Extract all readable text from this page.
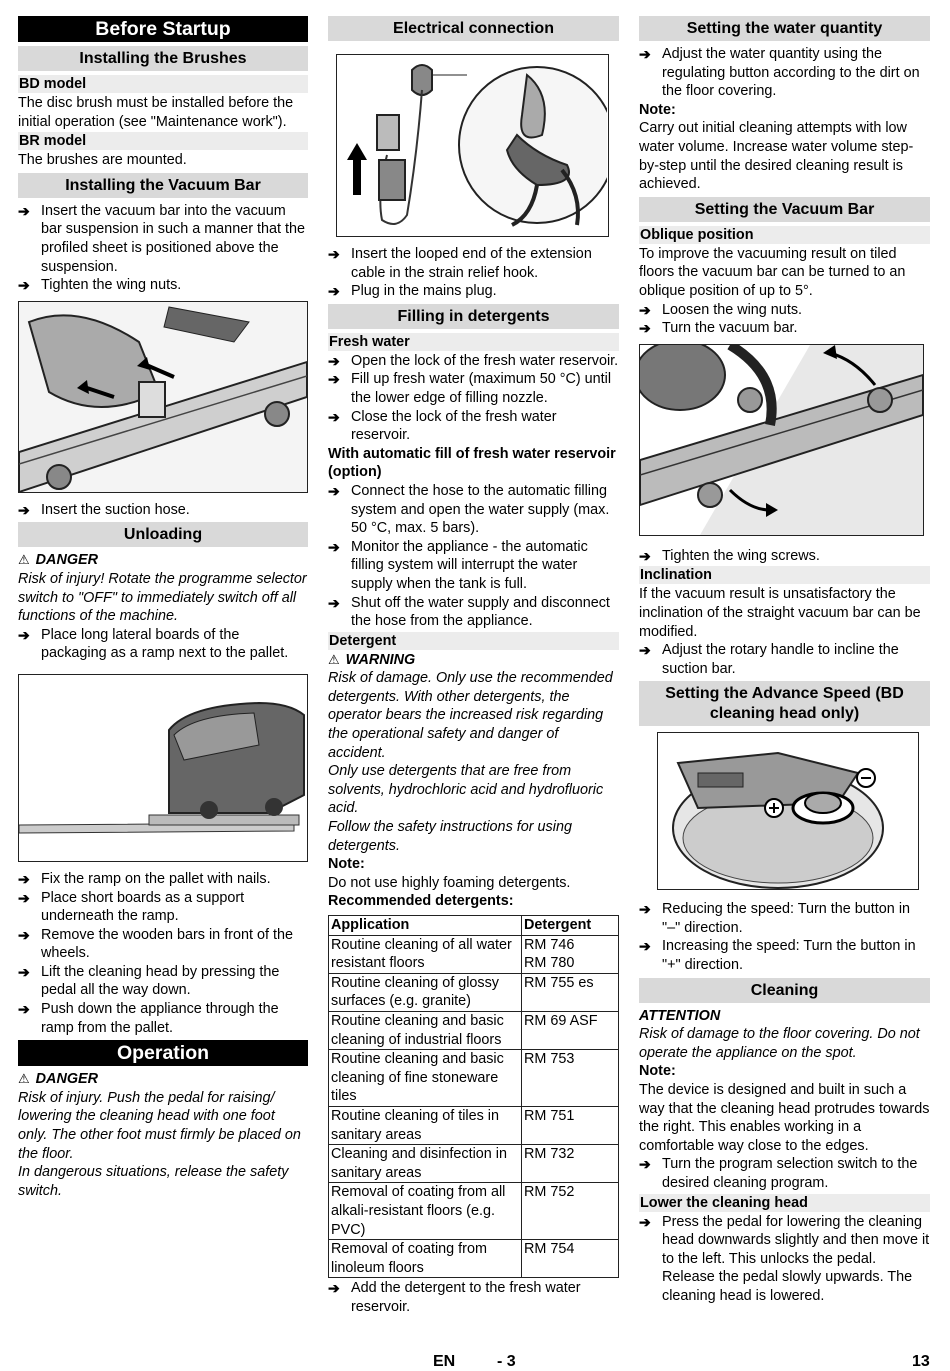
Before Startup
Installing the Brushes
BD model
The disc brush must be installed before the initial operation (see "Maintenance work").
BR model
The brushes are mounted.
Installing the Vacuum Bar
➔ Insert the vacuum bar into the vacuum bar suspension in such a manner that the profiled sheet is positioned above the suspension.
➔ Tighten the wing nuts.
➔ Insert the suction hose.
Unloading
⚠ DANGER
Risk of injury! Rotate the programme selector switch to "OFF" to immediately switch off all functions of the machine.
➔ Place long lateral boards of the packaging as a ramp next to the pallet.
➔ Fix the ramp on the pallet with nails.
➔ Place short boards as a support underneath the ramp.
➔ Remove the wooden bars in front of the wheels.
➔ Lift the cleaning head by pressing the pedal all the way down.
➔ Push down the appliance through the ramp from the pallet.
Operation
⚠ DANGER
Risk of injury. Push the pedal for raising/ lowering the cleaning head with one foot only. The other foot must firmly be placed on the floor.
In dangerous situations, release the safety switch.
Electrical connection
➔ Insert the looped end of the extension cable in the strain relief hook.
➔ Plug in the mains plug.
Filling in detergents
Fresh water
➔ Open the lock of the fresh water reservoir.
➔ Fill up fresh water (maximum 50 °C) until the lower edge of filling nozzle.
➔ Close the lock of the fresh water reservoir.
With automatic fill of fresh water reservoir (option)
➔ Connect the hose to the automatic filling system and open the water supply (max. 50 °C, max. 5 bars).
➔ Monitor the appliance - the automatic filling system will interrupt the water supply when the tank is full.
➔ Shut off the water supply and disconnect the hose from the appliance.
Detergent
⚠ WARNING
Risk of damage. Only use the recommended detergents. With other detergents, the operator bears the increased risk regarding the operational safety and danger of accident.
Only use detergents that are free from solvents, hydrochloric acid and hydrofluoric acid.
Follow the safety instructions for using detergents.
Note:
Do not use highly foaming detergents.
Recommended detergents:
Application	Detergent
Routine cleaning of all water resistant floors	RM 746
RM 780
Routine cleaning of glossy surfaces (e.g. granite)	RM 755 es
Routine cleaning and basic cleaning of industrial floors	RM 69 ASF
Routine cleaning and basic cleaning of fine stoneware tiles	RM 753
Routine cleaning of tiles in sanitary areas	RM 751
Cleaning and disinfection in sanitary areas	RM 732
Removal of coating from all alkali-resistant floors (e.g. PVC)	RM 752
Removal of coating from linoleum floors	RM 754
➔ Add the detergent to the fresh water reservoir.
Setting the water quantity
➔ Adjust the water quantity using the regulating button according to the dirt on the floor covering.
Note:
Carry out initial cleaning attempts with low water volume. Increase water volume step-by-step until the desired cleaning result is achieved.
Setting the Vacuum Bar
Oblique position
To improve the vacuuming result on tiled floors the vacuum bar can be turned to an oblique position of up to 5°.
➔ Loosen the wing nuts.
➔ Turn the vacuum bar.
➔ Tighten the wing screws.
Inclination
If the vacuum result is unsatisfactory the inclination of the straight vacuum bar can be modified.
➔ Adjust the rotary handle to incline the suction bar.
Setting the Advance Speed (BD cleaning head only)
➔ Reducing the speed: Turn the button in "–" direction.
➔ Increasing the speed: Turn the button in "+" direction.
Cleaning
ATTENTION
Risk of damage to the floor covering. Do not operate the appliance on the spot.
Note:
The device is designed and built in such a way that the cleaning head protrudes towards the right. This enables working in a comfortable way close to the edges.
➔ Turn the program selection switch to the desired cleaning program.
Lower the cleaning head
➔ Press the pedal for lowering the cleaning head downwards slightly and then move it to the left. This unlocks the pedal. Release the pedal slowly upwards. The cleaning head is lowered.
EN	- 3	13
